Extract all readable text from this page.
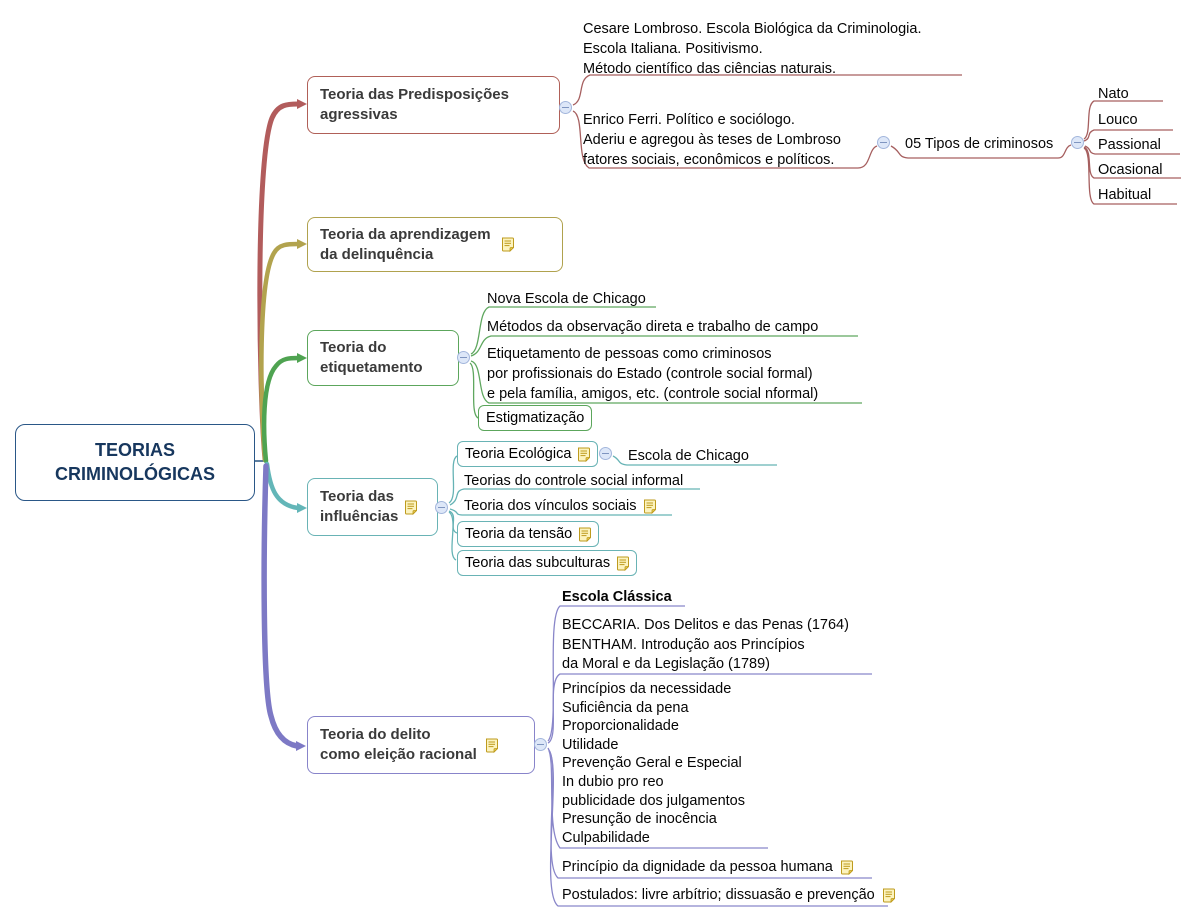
TEORIAS
CRIMINOLÓGICAS
Teoria das Predisposições
agressivas
Cesare Lombroso. Escola Biológica da Criminologia.
Escola Italiana. Positivismo.
Método científico das ciências naturais.
Enrico Ferri. Político e sociólogo.
Aderiu e agregou às teses de Lombroso
fatores sociais, econômicos e políticos.
05 Tipos de criminosos
Nato
Louco
Passional
Ocasional
Habitual
Teoria da aprendizagem
da delinquência
Teoria do
etiquetamento
Nova Escola de Chicago
Métodos da observação direta e trabalho de campo
Etiquetamento de pessoas como criminosos
por profissionais do Estado (controle social formal)
e pela família, amigos, etc. (controle social nformal)
Estigmatização
Teoria das
influências
Teoria Ecológica	Escola de Chicago
Teorias do controle social informal
Teoria dos vínculos sociais
Teoria da tensão
Teoria das subculturas
Teoria do delito
como eleição racional
Escola Clássica
BECCARIA. Dos Delitos e das Penas (1764)
BENTHAM. Introdução aos Princípios
da Moral e da Legislação (1789)
Princípios da necessidade
Suficiência da pena
Proporcionalidade
Utilidade
Prevenção Geral e Especial
In dubio pro reo
publicidade dos julgamentos
Presunção de inocência
Culpabilidade
Princípio da dignidade da pessoa humana
Postulados: livre arbítrio; dissuasão e prevenção
